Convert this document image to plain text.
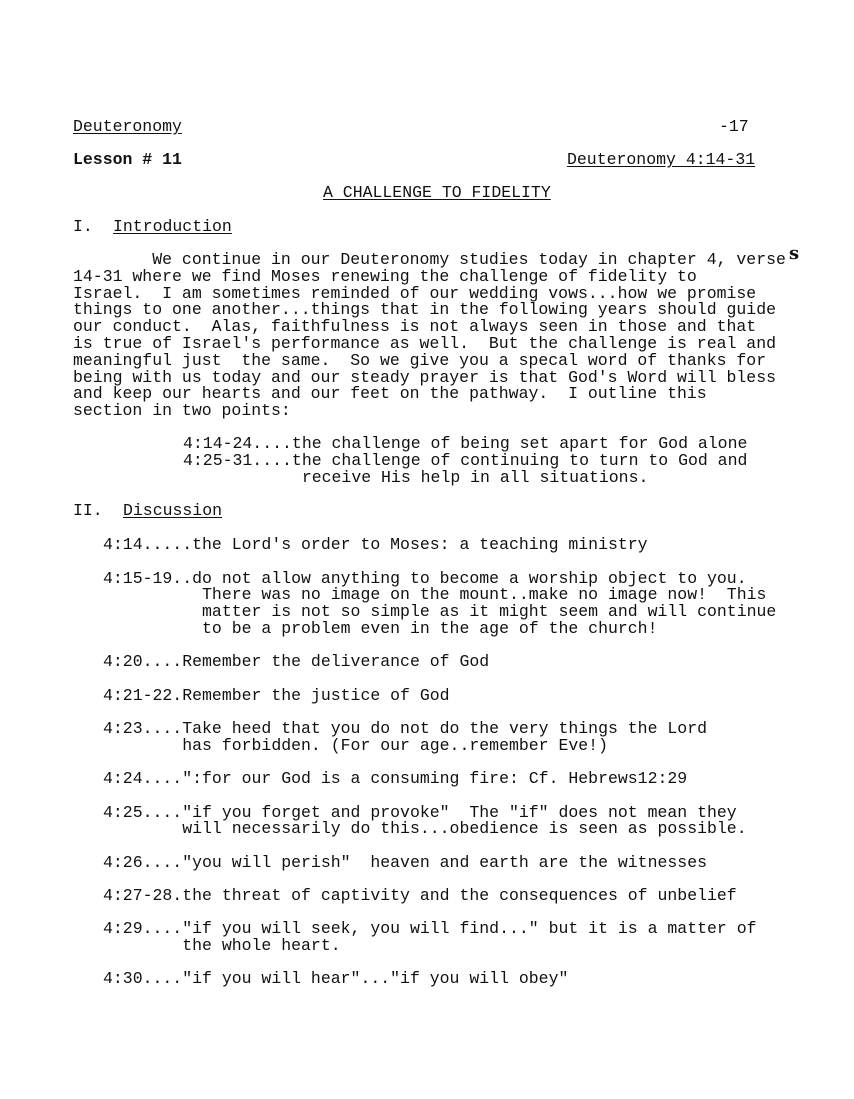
Deuteronomy	-17
Lesson # 11	Deuteronomy 4:14-31
A CHALLENGE TO FIDELITY
I. Introduction
We continue in our Deuteronomy studies today in chapter 4, verse
14-31 where we find Moses renewing the challenge of fidelity to
Israel.  I am sometimes reminded of our wedding vows...how we promise
things to one another...things that in the following years should guide
our conduct.  Alas, faithfulness is not always seen in those and that
is true of Israel's performance as well.  But the challenge is real and
meaningful just  the same.  So we give you a specal word of thanks for
being with us today and our steady prayer is that God's Word will bless
and keep our hearts and our feet on the pathway.  I outline this
section in two points:
s
4:14-24....the challenge of being set apart for God alone
4:25-31....the challenge of continuing to turn to God and
receive His help in all situations.
II. Discussion
4:14.....the Lord's order to Moses: a teaching ministry
4:15-19..do not allow anything to become a worship object to you.
There was no image on the mount..make no image now!  This
matter is not so simple as it might seem and will continue
to be a problem even in the age of the church!
4:20....Remember the deliverance of God
4:21-22.Remember the justice of God
4:23....Take heed that you do not do the very things the Lord
has forbidden. (For our age..remember Eve!)
4:24....":for our God is a consuming fire: Cf. Hebrews12:29
4:25...."if you forget and provoke"  The "if" does not mean they
will necessarily do this...obedience is seen as possible.
4:26...."you will perish"  heaven and earth are the witnesses
4:27-28.the threat of captivity and the consequences of unbelief
4:29...."if you will seek, you will find..." but it is a matter of
the whole heart.
4:30...."if you will hear"..."if you will obey"
